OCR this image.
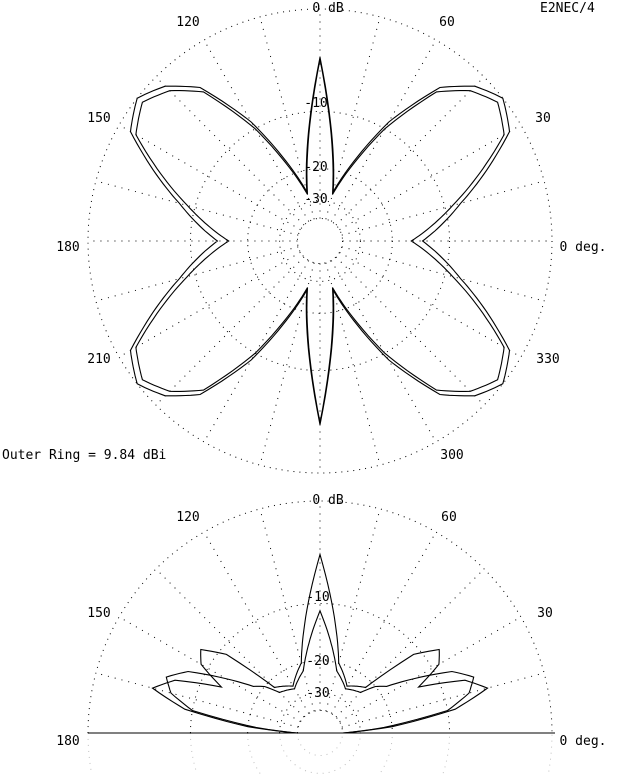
0 dB
-10
-20
-30
0 deg.
30
60
120
150
180
210
300
330
Outer Ring = 9.84 dBi
0 dB
-10
-20
-30
0 deg.
30
60
120
150
180
E2NEC/4
